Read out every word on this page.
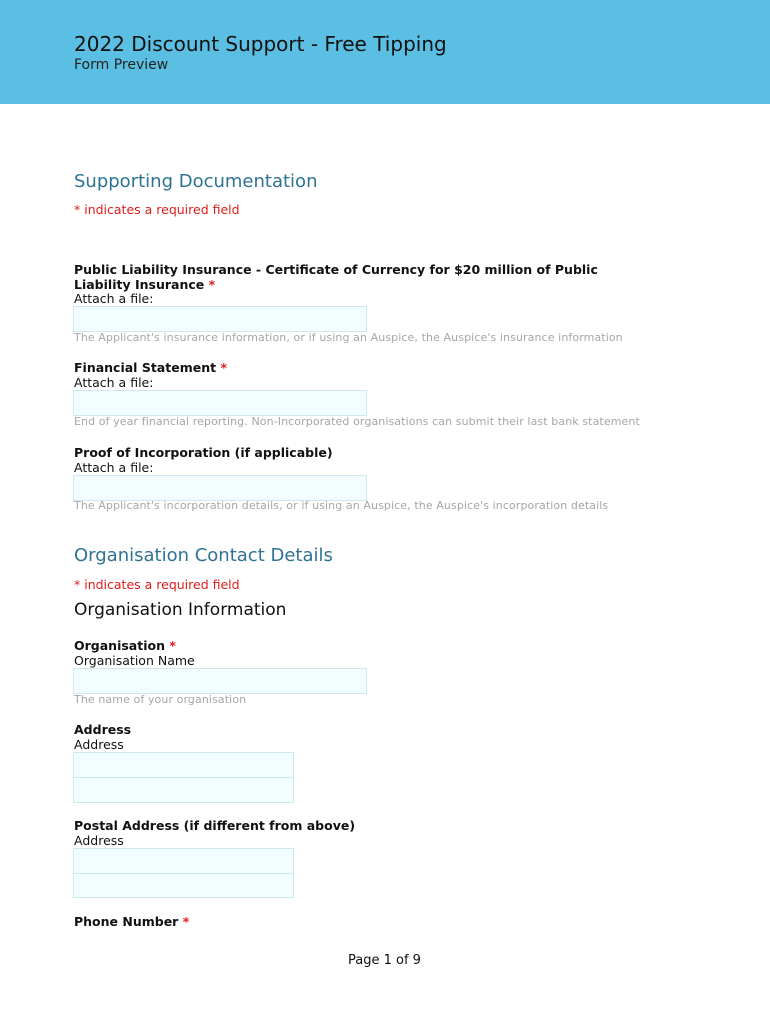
2022 Discount Support - Free Tipping
Form Preview
Supporting Documentation
* indicates a required field
Public Liability Insurance - Certificate of Currency for $20 million of Public Liability Insurance *
Attach a file:
The Applicant's insurance information, or if using an Auspice, the Auspice's insurance information
Financial Statement *
Attach a file:
End of year financial reporting. Non-Incorporated organisations can submit their last bank statement
Proof of Incorporation (if applicable)
Attach a file:
The Applicant's incorporation details, or if using an Auspice, the Auspice's incorporation details
Organisation Contact Details
* indicates a required field
Organisation Information
Organisation *
Organisation Name
The name of your organisation
Address
Address
Postal Address (if different from above)
Address
Phone Number *
Page 1 of 9
